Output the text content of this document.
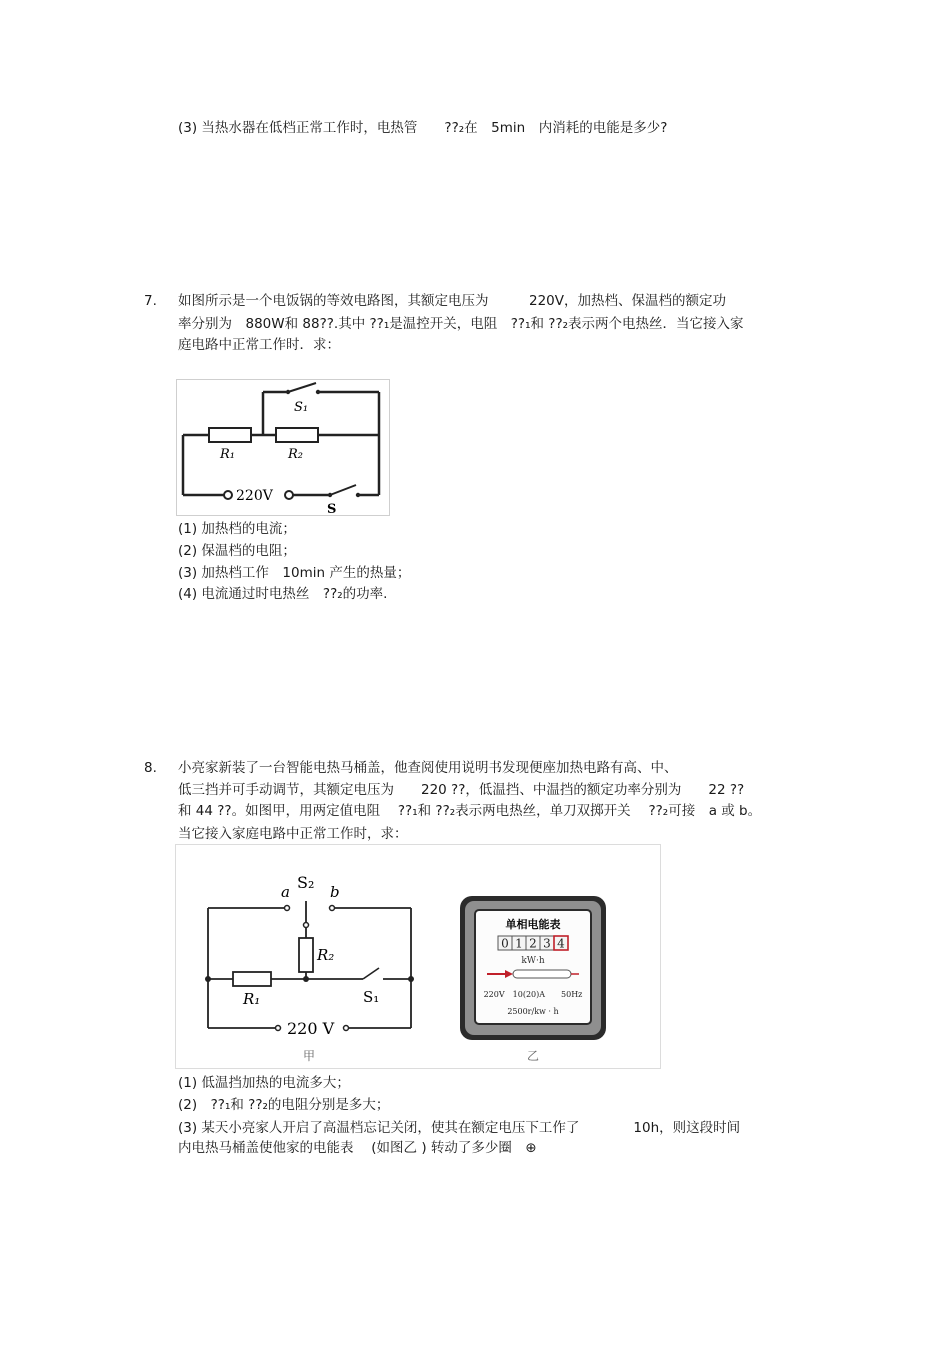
(3) 当热水器在低档正常工作时，电热管　　??₂在　5min　内消耗的电能是多少?
7. 如图所示是一个电饭锅的等效电路图，其额定电压为　　　220V，加热档、保温档的额定功
率分别为　880W和 88??.其中 ??₁是温控开关，电阻　??₁和 ??₂表示两个电热丝．当它接入家
庭电路中正常工作时．求：
S₁
R₁	R₂
220V
S
(1) 加热档的电流；
(2) 保温档的电阻；
(3) 加热档工作　10min 产生的热量；
(4) 电流通过时电热丝　??₂的功率.
8. 小亮家新装了一台智能电热马桶盖，他查阅使用说明书发现便座加热电路有高、中、
低三挡并可手动调节，其额定电压为　　220 ??，低温挡、中温挡的额定功率分别为　　22 ??
和 44 ??。如图甲，用两定值电阻　 ??₁和 ??₂表示两电热丝，单刀双掷开关　 ??₂可接　a 或 b。
当它接入家庭电路中正常工作时，求：
a	b
S₂
R₂
R₁	S₁
220 V
甲
单相电能表
0 1 2 3 4
kW·h
220V　10(20)A　　50Hz
2500r/kw · h
乙
(1) 低温挡加热的电流多大；
(2)　??₁和 ??₂的电阻分别是多大；
(3) 某天小亮家人开启了高温档忘记关闭，使其在额定电压下工作了　　　　10h，则这段时间
内电热马桶盖使他家的电能表　 (如图乙 ) 转动了多少圈　⊕
